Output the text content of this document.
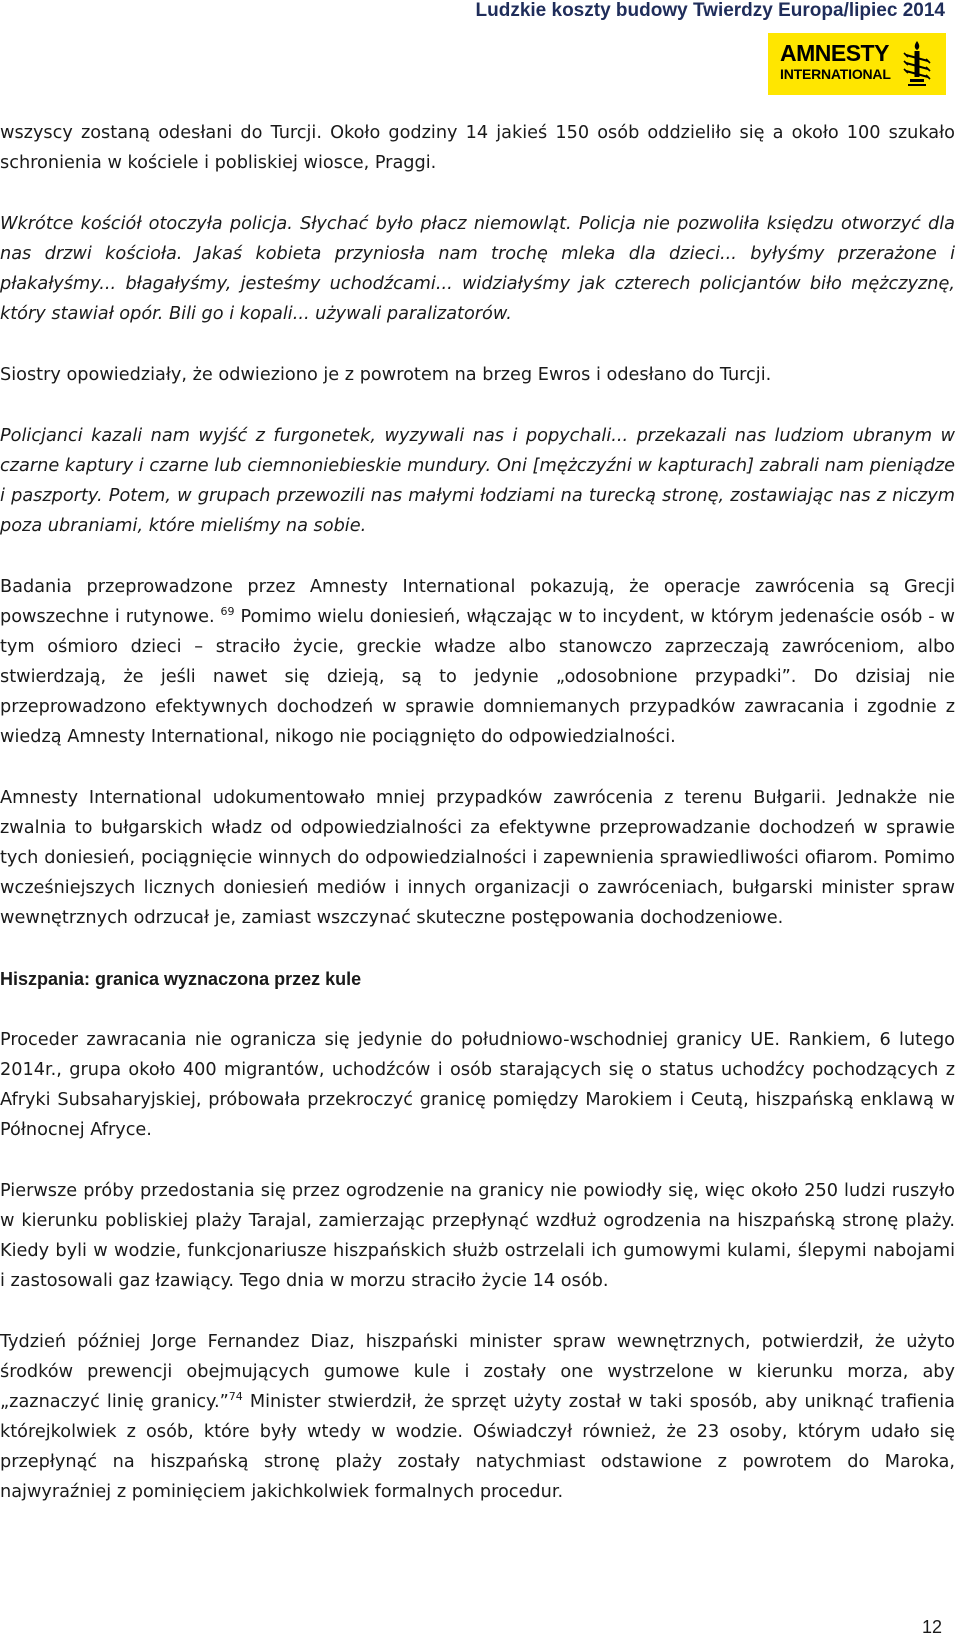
Ludzkie koszty budowy Twierdzy Europa/lipiec 2014
AMNESTY
INTERNATIONAL

wszyscy zostaną odesłani do Turcji. Około godziny 14 jakieś 150 osób oddzieliło się a około 100 szukało schronienia w kościele i pobliskiej wiosce, Praggi.

Wkrótce kościół otoczyła policja. Słychać było płacz niemowląt. Policja nie pozwoliła księdzu otworzyć dla nas drzwi kościoła. Jakaś kobieta przyniosła nam trochę mleka dla dzieci... byłyśmy przerażone i płakałyśmy... błagałyśmy, jesteśmy uchodźcami... widziałyśmy jak czterech policjantów biło mężczyznę, który stawiał opór. Bili go i kopali... używali paralizatorów.

Siostry opowiedziały, że odwieziono je z powrotem na brzeg Ewros i odesłano do Turcji.

Policjanci kazali nam wyjść z furgonetek, wyzywali nas i popychali... przekazali nas ludziom ubranym w czarne kaptury i czarne lub ciemnoniebieskie mundury. Oni [mężczyźni w kapturach] zabrali nam pieniądze i paszporty. Potem, w grupach przewozili nas małymi łodziami na turecką stronę, zostawiając nas z niczym poza ubraniami, które mieliśmy na sobie.

Badania przeprowadzone przez Amnesty International pokazują, że operacje zawrócenia są Grecji powszechne i rutynowe. $^{69}$ Pomimo wielu doniesień, włączając w to incydent, w którym jedenaście osób - w tym ośmioro dzieci – straciło życie, greckie władze albo stanowczo zaprzeczają zawróceniom, albo stwierdzają, że jeśli nawet się dzieją, są to jedynie „odosobnione przypadki”. Do dzisiaj nie przeprowadzono efektywnych dochodzeń w sprawie domniemanych przypadków zawracania i zgodnie z wiedzą Amnesty International, nikogo nie pociągnięto do odpowiedzialności.

Amnesty International udokumentowało mniej przypadków zawrócenia z terenu Bułgarii. Jednakże nie zwalnia to bułgarskich władz od odpowiedzialności za efektywne przeprowadzanie dochodzeń w sprawie tych doniesień, pociągnięcie winnych do odpowiedzialności i zapewnienia sprawiedliwości ofiarom. Pomimo wcześniejszych licznych doniesień mediów i innych organizacji o zawróceniach, bułgarski minister spraw wewnętrznych odrzucał je, zamiast wszczynać skuteczne postępowania dochodzeniowe.

Hiszpania: granica wyznaczona przez kule

Proceder zawracania nie ogranicza się jedynie do południowo-wschodniej granicy UE. Rankiem, 6 lutego 2014r., grupa około 400 migrantów, uchodźców i osób starających się o status uchodźcy pochodzących z Afryki Subsaharyjskiej, próbowała przekroczyć granicę pomiędzy Marokiem i Ceutą, hiszpańską enklawą w Północnej Afryce.

Pierwsze próby przedostania się przez ogrodzenie na granicy nie powiodły się, więc około 250 ludzi ruszyło w kierunku pobliskiej plaży Tarajal, zamierzając przepłynąć wzdłuż ogrodzenia na hiszpańską stronę plaży. Kiedy byli w wodzie, funkcjonariusze hiszpańskich służb ostrzelali ich gumowymi kulami, ślepymi nabojami i zastosowali gaz łzawiący. Tego dnia w morzu straciło życie 14 osób.

Tydzień później Jorge Fernandez Diaz, hiszpański minister spraw wewnętrznych, potwierdził, że użyto środków prewencji obejmujących gumowe kule i zostały one wystrzelone w kierunku morza, aby „zaznaczyć linię granicy.”$^{74}$ Minister stwierdził, że sprzęt użyty został w taki sposób, aby uniknąć trafienia którejkolwiek z osób, które były wtedy w wodzie. Oświadczył również, że 23 osoby, którym udało się przepłynąć na hiszpańską stronę plaży zostały natychmiast odstawione z powrotem do Maroka, najwyraźniej z pominięciem jakichkolwiek formalnych procedur.

12
